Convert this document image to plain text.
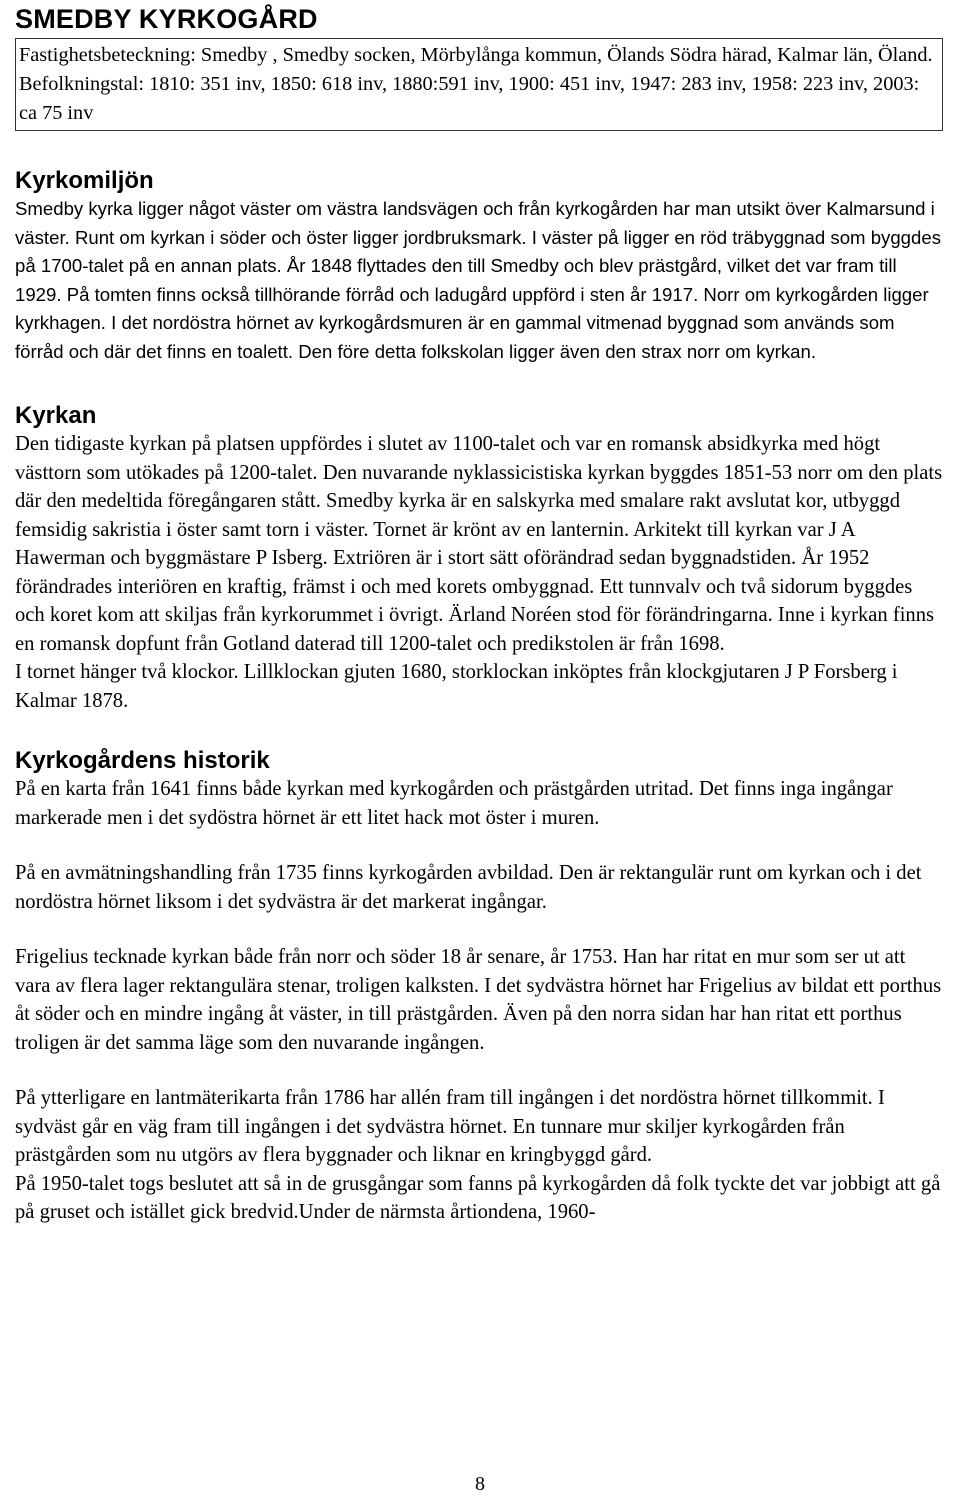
SMEDBY KYRKOGÅRD

Fastighetsbeteckning: Smedby , Smedby socken, Mörbylånga kommun, Ölands Södra härad, Kalmar län, Öland.

Befolkningstal: 1810: 351 inv, 1850: 618 inv, 1880:591 inv, 1900: 451 inv, 1947: 283 inv, 1958: 223 inv, 2003: ca 75 inv

Kyrkomiljön

Smedby kyrka ligger något väster om västra landsvägen och från kyrkogården har man utsikt över Kalmarsund i väster. Runt om kyrkan i söder och öster ligger jordbruksmark. I väster på ligger en röd träbyggnad som byggdes på 1700-talet på en annan plats. År 1848 flyttades den till Smedby och blev prästgård, vilket det var fram till 1929. På tomten finns också tillhörande förråd och ladugård uppförd i sten år 1917. Norr om kyrkogården ligger kyrkhagen. I det nordöstra hörnet av kyrkogårdsmuren är en gammal vitmenad byggnad som används som förråd och där det finns en toalett. Den före detta folkskolan ligger även den strax norr om kyrkan.

Kyrkan

Den tidigaste kyrkan på platsen uppfördes i slutet av 1100-talet och var en romansk absidkyrka med högt västtorn som utökades på 1200-talet. Den nuvarande nyklassicistiska kyrkan byggdes 1851-53 norr om den plats där den medeltida föregångaren stått. Smedby kyrka är en salskyrka med smalare rakt avslutat kor, utbyggd femsidig sakristia i öster samt torn i väster. Tornet är krönt av en lanternin. Arkitekt till kyrkan var J A Hawerman och byggmästare P Isberg. Extriören är i stort sätt oförändrad sedan byggnadstiden. År 1952 förändrades interiören en kraftig, främst i och med korets ombyggnad. Ett tunnvalv och två sidorum byggdes och koret kom att skiljas från kyrkorummet i övrigt. Ärland Noréen stod för förändringarna. Inne i kyrkan finns en romansk dopfunt från Gotland daterad till 1200-talet och predikstolen är från 1698.

I tornet hänger två klockor. Lillklockan gjuten 1680, storklockan inköptes från klockgjutaren J P Forsberg i Kalmar 1878.

Kyrkogårdens historik

På en karta från 1641 finns både kyrkan med kyrkogården och prästgården utritad. Det finns inga ingångar markerade men i det sydöstra hörnet är ett litet hack mot öster i muren.

På en avmätningshandling från 1735 finns kyrkogården avbildad. Den är rektangulär runt om kyrkan och i det nordöstra hörnet liksom i det sydvästra är det markerat ingångar.

Frigelius tecknade kyrkan både från norr och söder 18 år senare, år 1753. Han har ritat en mur som ser ut att vara av flera lager rektangulära stenar, troligen kalksten. I det sydvästra hörnet har Frigelius av bildat ett porthus åt söder och en mindre ingång åt väster, in till prästgården. Även på den norra sidan har han ritat ett porthus troligen är det samma läge som den nuvarande ingången.

På ytterligare en lantmäterikarta från 1786 har allén fram till ingången i det nordöstra hörnet tillkommit. I sydväst går en väg fram till ingången i det sydvästra hörnet. En tunnare mur skiljer kyrkogården från prästgården som nu utgörs av flera byggnader och liknar en kringbyggd gård.

På 1950-talet togs beslutet att så in de grusgångar som fanns på kyrkogården då folk tyckte det var jobbigt att gå på gruset och istället gick bredvid.Under de närmsta årtiondena, 1960-

8
